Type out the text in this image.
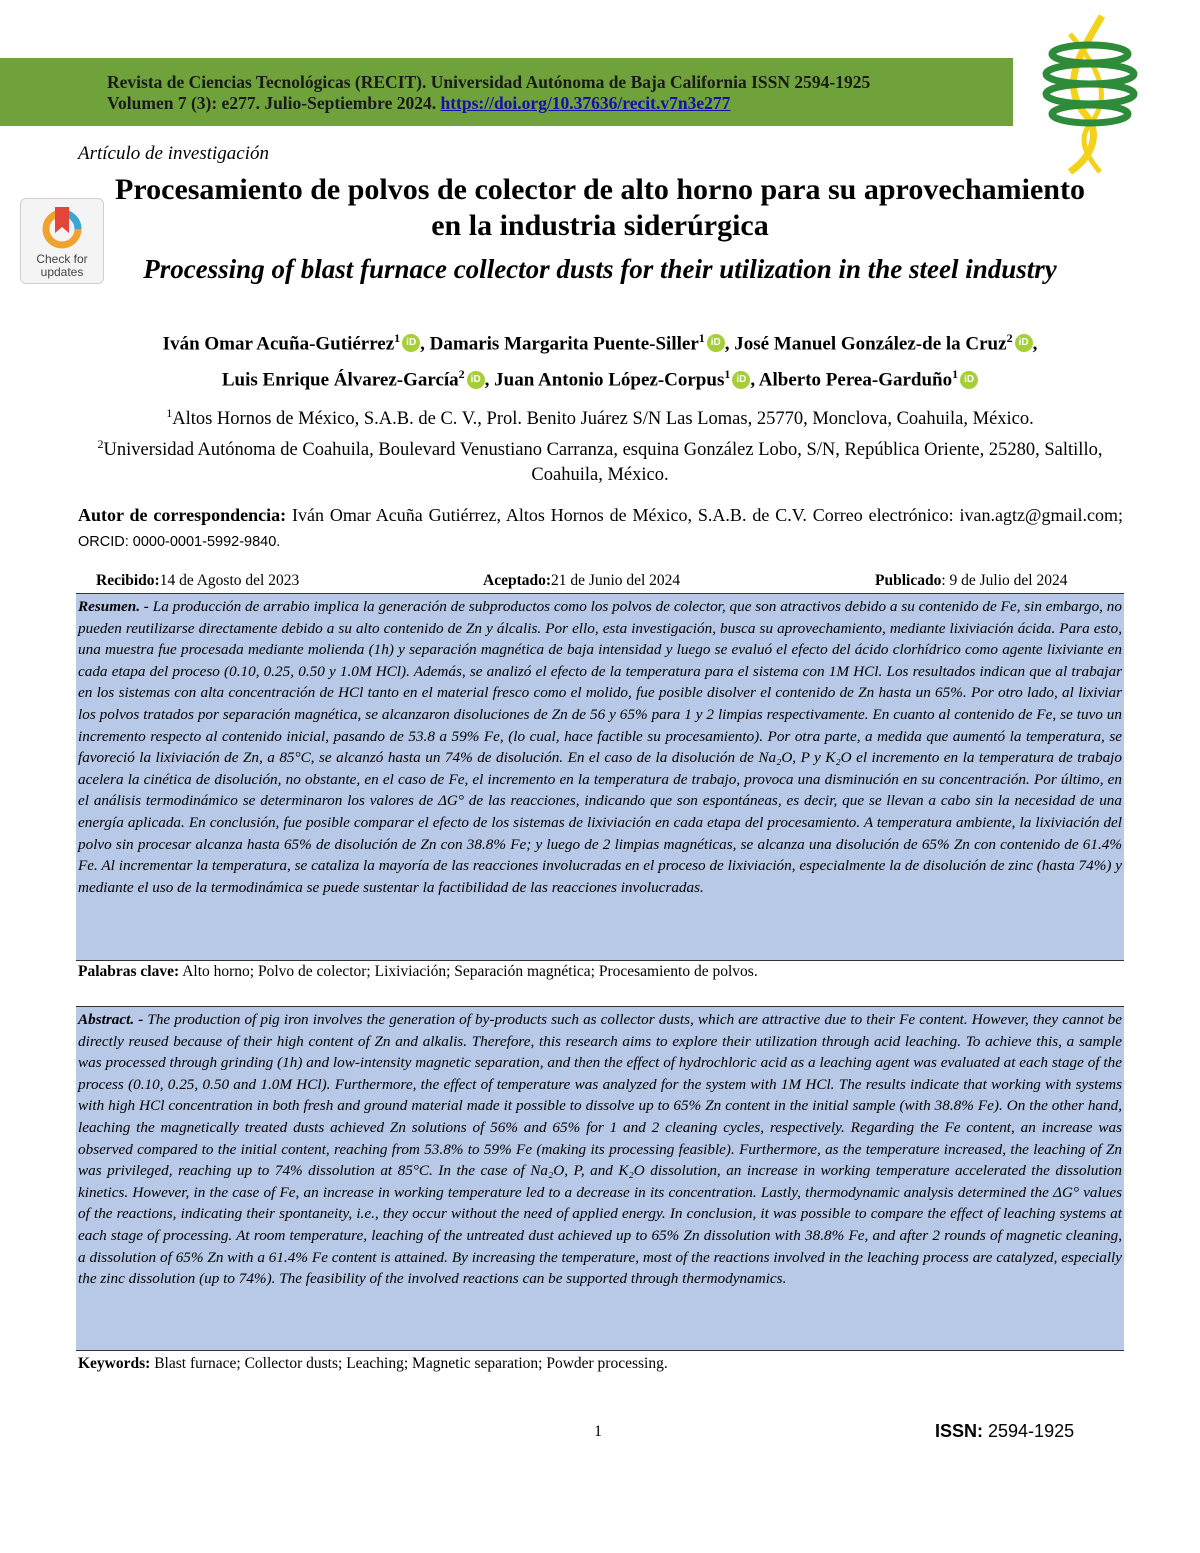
Revista de Ciencias Tecnológicas (RECIT). Universidad Autónoma de Baja California ISSN 2594-1925
Volumen 7 (3): e277. Julio-Septiembre 2024. https://doi.org/10.37636/recit.v7n3e277
Check for
updates
Artículo de investigación
Procesamiento de polvos de colector de alto horno para su aprovechamiento en la industria siderúrgica
Processing of blast furnace collector dusts for their utilization in the steel industry
Iván Omar Acuña-Gutiérrez$^1$ iD , Damaris Margarita Puente-Siller$^1$ iD , José Manuel González-de la Cruz$^2$ iD ,
Luis Enrique Álvarez-García$^2$ iD , Juan Antonio López-Corpus$^1$ iD , Alberto Perea-Garduño$^1$ iD
$^1$Altos Hornos de México, S.A.B. de C. V., Prol. Benito Juárez S/N Las Lomas, 25770, Monclova, Coahuila, México.
$^2$Universidad Autónoma de Coahuila, Boulevard Venustiano Carranza, esquina González Lobo, S/N, República Oriente, 25280, Saltillo, Coahuila, México.
Autor de correspondencia: Iván Omar Acuña Gutiérrez, Altos Hornos de México, S.A.B. de C.V. Correo electrónico: ivan.agtz@gmail.com; ORCID: 0000-0001-5992-9840.
Recibido: 14 de Agosto del 2023	Aceptado: 21 de Junio del 2024	Publicado : 9 de Julio del 2024
Resumen. - La producción de arrabio implica la generación de subproductos como los polvos de colector, que son atractivos debido a su contenido de Fe, sin embargo, no pueden reutilizarse directamente debido a su alto contenido de Zn y álcalis. Por ello, esta investigación, busca su aprovechamiento, mediante lixiviación ácida. Para esto, una muestra fue procesada mediante molienda (1h) y separación magnética de baja intensidad y luego se evaluó el efecto del ácido clorhídrico como agente lixiviante en cada etapa del proceso (0.10, 0.25, 0.50 y 1.0M HCl). Además, se analizó el efecto de la temperatura para el sistema con 1M HCl. Los resultados indican que al trabajar en los sistemas con alta concentración de HCl tanto en el material fresco como el molido, fue posible disolver el contenido de Zn hasta un 65%. Por otro lado, al lixiviar los polvos tratados por separación magnética, se alcanzaron disoluciones de Zn de 56 y 65% para 1 y 2 limpias respectivamente. En cuanto al contenido de Fe, se tuvo un incremento respecto al contenido inicial, pasando de 53.8 a 59% Fe, (lo cual, hace factible su procesamiento). Por otra parte, a medida que aumentó la temperatura, se favoreció la lixiviación de Zn, a 85°C, se alcanzó hasta un 74% de disolución. En el caso de la disolución de Na₂O, P y K₂O el incremento en la temperatura de trabajo acelera la cinética de disolución, no obstante, en el caso de Fe, el incremento en la temperatura de trabajo, provoca una disminución en su concentración. Por último, en el análisis termodinámico se determinaron los valores de ΔG° de las reacciones, indicando que son espontáneas, es decir, que se llevan a cabo sin la necesidad de una energía aplicada. En conclusión, fue posible comparar el efecto de los sistemas de lixiviación en cada etapa del procesamiento. A temperatura ambiente, la lixiviación del polvo sin procesar alcanza hasta 65% de disolución de Zn con 38.8% Fe; y luego de 2 limpias magnéticas, se alcanza una disolución de 65% Zn con contenido de 61.4% Fe. Al incrementar la temperatura, se cataliza la mayoría de las reacciones involucradas en el proceso de lixiviación, especialmente la de disolución de zinc (hasta 74%) y mediante el uso de la termodinámica se puede sustentar la factibilidad de las reacciones involucradas.
Palabras clave: Alto horno; Polvo de colector; Lixiviación; Separación magnética; Procesamiento de polvos.
Abstract. - The production of pig iron involves the generation of by-products such as collector dusts, which are attractive due to their Fe content. However, they cannot be directly reused because of their high content of Zn and alkalis. Therefore, this research aims to explore their utilization through acid leaching. To achieve this, a sample was processed through grinding (1h) and low-intensity magnetic separation, and then the effect of hydrochloric acid as a leaching agent was evaluated at each stage of the process (0.10, 0.25, 0.50 and 1.0M HCl). Furthermore, the effect of temperature was analyzed for the system with 1M HCl. The results indicate that working with systems with high HCl concentration in both fresh and ground material made it possible to dissolve up to 65% Zn content in the initial sample (with 38.8% Fe). On the other hand, leaching the magnetically treated dusts achieved Zn solutions of 56% and 65% for 1 and 2 cleaning cycles, respectively. Regarding the Fe content, an increase was observed compared to the initial content, reaching from 53.8% to 59% Fe (making its processing feasible). Furthermore, as the temperature increased, the leaching of Zn was privileged, reaching up to 74% dissolution at 85°C. In the case of Na₂O, P, and K₂O dissolution, an increase in working temperature accelerated the dissolution kinetics. However, in the case of Fe, an increase in working temperature led to a decrease in its concentration. Lastly, thermodynamic analysis determined the ΔG° values of the reactions, indicating their spontaneity, i.e., they occur without the need of applied energy. In conclusion, it was possible to compare the effect of leaching systems at each stage of processing. At room temperature, leaching of the untreated dust achieved up to 65% Zn dissolution with 38.8% Fe, and after 2 rounds of magnetic cleaning, a dissolution of 65% Zn with a 61.4% Fe content is attained. By increasing the temperature, most of the reactions involved in the leaching process are catalyzed, especially the zinc dissolution (up to 74%). The feasibility of the involved reactions can be supported through thermodynamics.
Keywords: Blast furnace; Collector dusts; Leaching; Magnetic separation; Powder processing.
1	ISSN: 2594-1925
